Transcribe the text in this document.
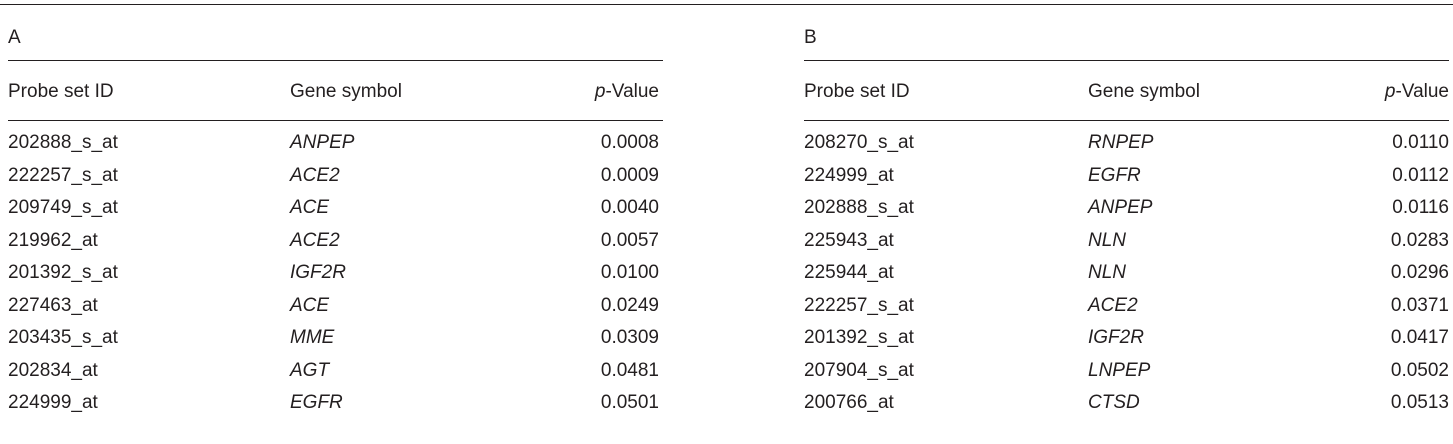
A
Probe set ID	Gene symbol	p-Value
202888_s_at	ANPEP	0.0008
222257_s_at	ACE2	0.0009
209749_s_at	ACE	0.0040
219962_at	ACE2	0.0057
201392_s_at	IGF2R	0.0100
227463_at	ACE	0.0249
203435_s_at	MME	0.0309
202834_at	AGT	0.0481
224999_at	EGFR	0.0501
B
Probe set ID	Gene symbol	p-Value
208270_s_at	RNPEP	0.0110
224999_at	EGFR	0.0112
202888_s_at	ANPEP	0.0116
225943_at	NLN	0.0283
225944_at	NLN	0.0296
222257_s_at	ACE2	0.0371
201392_s_at	IGF2R	0.0417
207904_s_at	LNPEP	0.0502
200766_at	CTSD	0.0513
